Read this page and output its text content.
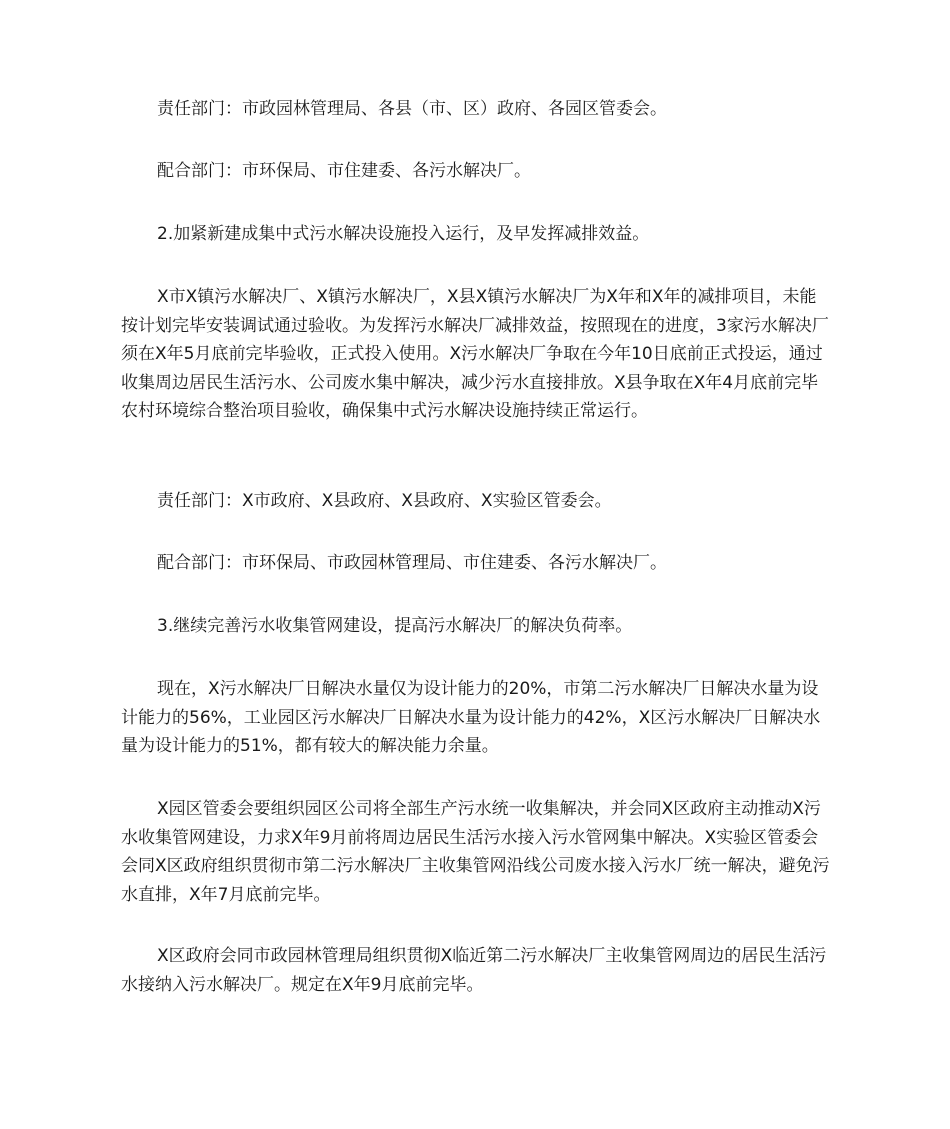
责任部门：市政园林管理局、各县（市、区）政府、各园区管委会。

配合部门：市环保局、市住建委、各污水解决厂。

2.加紧新建成集中式污水解决设施投入运行，及早发挥减排效益。

X市X镇污水解决厂、X镇污水解决厂，X县X镇污水解决厂为X年和X年的减排项目，未能按计划完毕安装调试通过验收。为发挥污水解决厂减排效益，按照现在的进度，3家污水解决厂须在X年5月底前完毕验收，正式投入使用。X污水解决厂争取在今年10日底前正式投运，通过收集周边居民生活污水、公司废水集中解决，减少污水直接排放。X县争取在X年4月底前完毕农村环境综合整治项目验收，确保集中式污水解决设施持续正常运行。

责任部门：X市政府、X县政府、X县政府、X实验区管委会。

配合部门：市环保局、市政园林管理局、市住建委、各污水解决厂。

3.继续完善污水收集管网建设，提高污水解决厂的解决负荷率。

现在，X污水解决厂日解决水量仅为设计能力的20%，市第二污水解决厂日解决水量为设计能力的56%，工业园区污水解决厂日解决水量为设计能力的42%，X区污水解决厂日解决水量为设计能力的51%，都有较大的解决能力余量。

X园区管委会要组织园区公司将全部生产污水统一收集解决，并会同X区政府主动推动X污水收集管网建设，力求X年9月前将周边居民生活污水接入污水管网集中解决。X实验区管委会会同X区政府组织贯彻市第二污水解决厂主收集管网沿线公司废水接入污水厂统一解决，避免污水直排，X年7月底前完毕。

X区政府会同市政园林管理局组织贯彻X临近第二污水解决厂主收集管网周边的居民生活污水接纳入污水解决厂。规定在X年9月底前完毕。
